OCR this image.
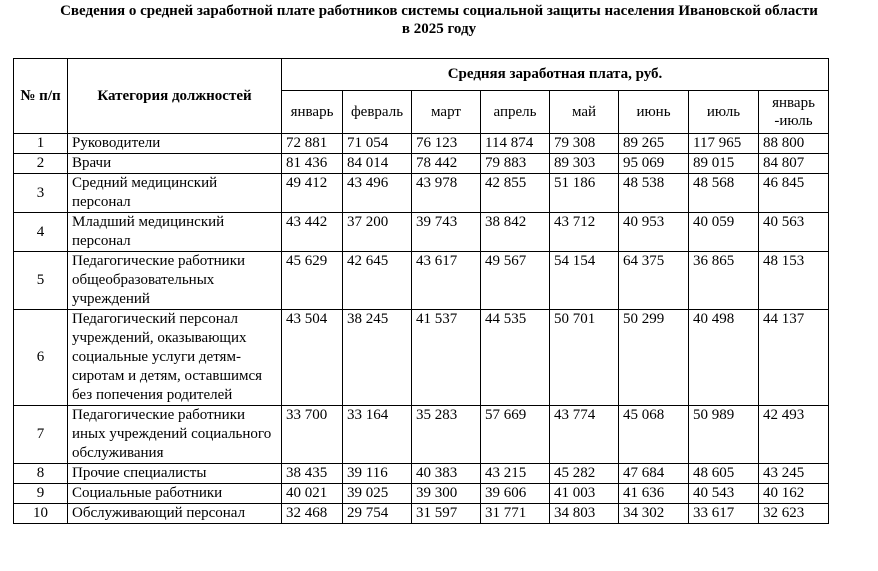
Сведения о средней заработной плате работников системы социальной защиты населения Ивановской области
в 2025 году
№ п/п	Категория должностей	Средняя заработная плата, руб.							
		январь	февраль	март	апрель	май	июнь	июль	январь -июль
1	Руководители	72 881	71 054	76 123	114 874	79 308	89 265	117 965	88 800
2	Врачи	81 436	84 014	78 442	79 883	89 303	95 069	89 015	84 807
3	Средний медицинский персонал	49 412	43 496	43 978	42 855	51 186	48 538	48 568	46 845
4	Младший медицинский персонал	43 442	37 200	39 743	38 842	43 712	40 953	40 059	40 563
5	Педагогические работники общеобразовательных учреждений	45 629	42 645	43 617	49 567	54 154	64 375	36 865	48 153
6	Педагогический персонал учреждений, оказывающих социальные услуги детям-сиротам и детям, оставшимся без попечения родителей	43 504	38 245	41 537	44 535	50 701	50 299	40 498	44 137
7	Педагогические работники иных учреждений социального обслуживания	33 700	33 164	35 283	57 669	43 774	45 068	50 989	42 493
8	Прочие специалисты	38 435	39 116	40 383	43 215	45 282	47 684	48 605	43 245
9	Социальные работники	40 021	39 025	39 300	39 606	41 003	41 636	40 543	40 162
10	Обслуживающий персонал	32 468	29 754	31 597	31 771	34 803	34 302	33 617	32 623
